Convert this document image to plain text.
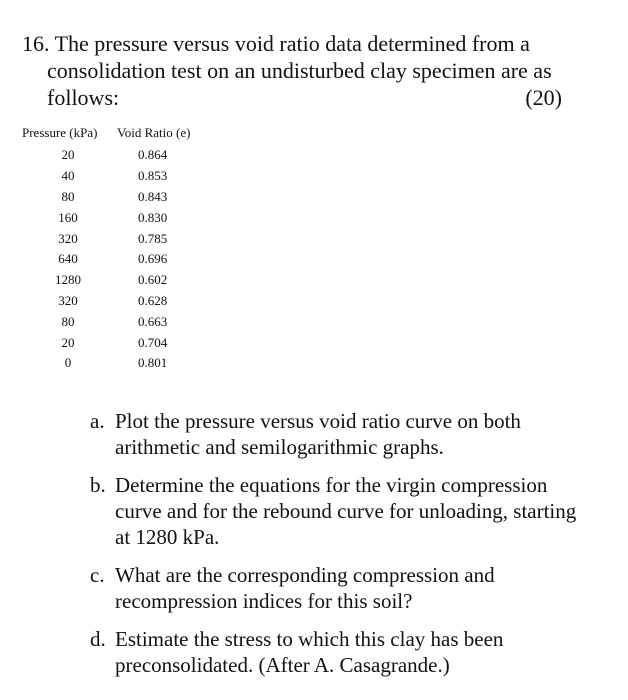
16. The pressure versus void ratio data determined from a
consolidation test on an undisturbed clay specimen are as
follows:	(20)
Pressure (kPa)	Void Ratio (e)
20	0.864
40	0.853
80	0.843
160	0.830
320	0.785
640	0.696
1280	0.602
320	0.628
80	0.663
20	0.704
0	0.801
a. Plot the pressure versus void ratio curve on both
arithmetic and semilogarithmic graphs.
b. Determine the equations for the virgin compression
curve and for the rebound curve for unloading, starting
at 1280 kPa.
c. What are the corresponding compression and
recompression indices for this soil?
d. Estimate the stress to which this clay has been
preconsolidated. (After A. Casagrande.)
